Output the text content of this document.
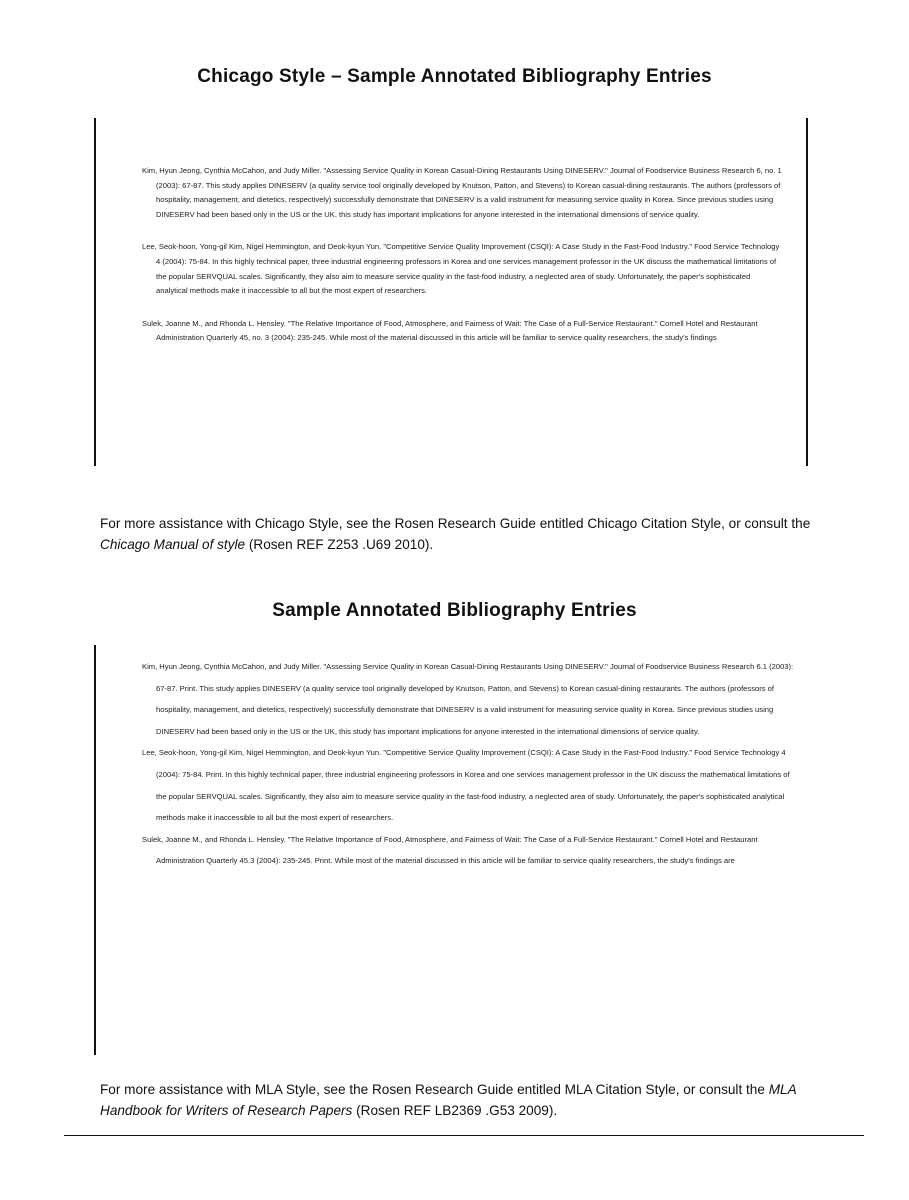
Chicago Style – Sample Annotated Bibliography Entries
Kim, Hyun Jeong, Cynthia McCahon, and Judy Miller. "Assessing Service Quality in Korean Casual-Dining Restaurants Using DINESERV." Journal of Foodservice Business Research 6, no. 1 (2003): 67-87. This study applies DINESERV (a quality service tool originally developed by Knutson, Patton, and Stevens) to Korean casual-dining restaurants. The authors (professors of hospitality, management, and dietetics, respectively) successfully demonstrate that DINESERV is a valid instrument for measuring service quality in Korea. Since previous studies using DINESERV had been based only in the US or the UK, this study has important implications for anyone interested in the international dimensions of service quality.
Lee, Seok-hoon, Yong-gil Kim, Nigel Hemmington, and Deok-kyun Yun. "Competitive Service Quality Improvement (CSQI): A Case Study in the Fast-Food Industry." Food Service Technology 4 (2004): 75-84. In this highly technical paper, three industrial engineering professors in Korea and one services management professor in the UK discuss the mathematical limitations of the popular SERVQUAL scales. Significantly, they also aim to measure service quality in the fast-food industry, a neglected area of study. Unfortunately, the paper's sophisticated analytical methods make it inaccessible to all but the most expert of researchers.
Sulek, Joanne M., and Rhonda L. Hensley. "The Relative Importance of Food, Atmosphere, and Fairness of Wait: The Case of a Full-Service Restaurant." Cornell Hotel and Restaurant Administration Quarterly 45, no. 3 (2004): 235-245. While most of the material discussed in this article will be familiar to service quality researchers, the study's findings

For more assistance with Chicago Style, see the Rosen Research Guide entitled Chicago Citation Style, or consult the Chicago Manual of style (Rosen REF Z253 .U69 2010).

Sample Annotated Bibliography Entries
Kim, Hyun Jeong, Cynthia McCahon, and Judy Miller. "Assessing Service Quality in Korean Casual-Dining Restaurants Using DINESERV." Journal of Foodservice Business Research 6.1 (2003): 67-87. Print. This study applies DINESERV (a quality service tool originally developed by Knutson, Patton, and Stevens) to Korean casual-dining restaurants. The authors (professors of hospitality, management, and dietetics, respectively) successfully demonstrate that DINESERV is a valid instrument for measuring service quality in Korea. Since previous studies using DINESERV had been based only in the US or the UK, this study has important implications for anyone interested in the international dimensions of service quality.
Lee, Seok-hoon, Yong-gil Kim, Nigel Hemmington, and Deok-kyun Yun. "Competitive Service Quality Improvement (CSQI): A Case Study in the Fast-Food Industry." Food Service Technology 4 (2004): 75-84. Print. In this highly technical paper, three industrial engineering professors in Korea and one services management professor in the UK discuss the mathematical limitations of the popular SERVQUAL scales. Significantly, they also aim to measure service quality in the fast-food industry, a neglected area of study. Unfortunately, the paper's sophisticated analytical methods make it inaccessible to all but the most expert of researchers.
Sulek, Joanne M., and Rhonda L. Hensley. "The Relative Importance of Food, Atmosphere, and Fairness of Wait: The Case of a Full-Service Restaurant." Cornell Hotel and Restaurant Administration Quarterly 45.3 (2004): 235-245. Print. While most of the material discussed in this article will be familiar to service quality researchers, the study's findings are

For more assistance with MLA Style, see the Rosen Research Guide entitled MLA Citation Style, or consult the MLA Handbook for Writers of Research Papers (Rosen REF LB2369 .G53 2009).
